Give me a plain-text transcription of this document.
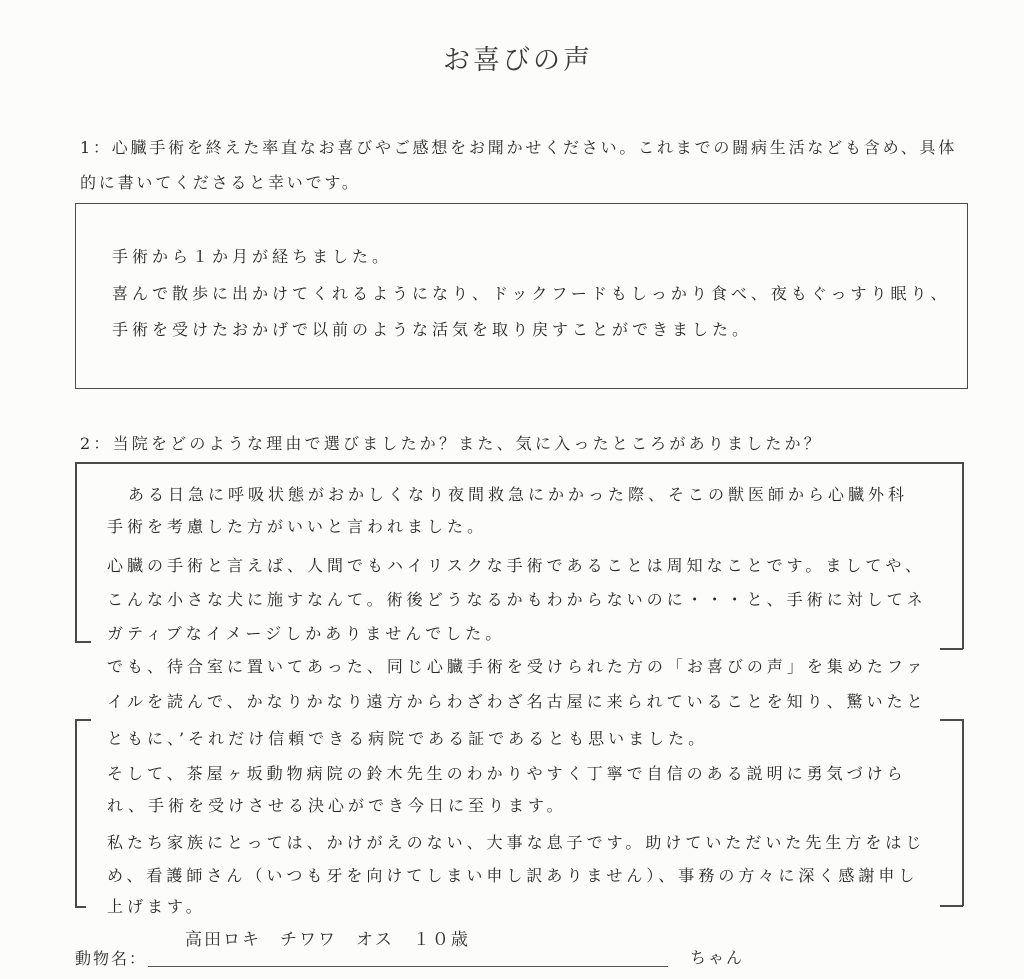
お喜びの声
1：心臓手術を終えた率直なお喜びやご感想をお聞かせください。これまでの闘病生活なども含め、具体
的に書いてくださると幸いです。
手術から１か月が経ちました。
喜んで散歩に出かけてくれるようになり、ドックフードもしっかり食べ、夜もぐっすり眠り、
手術を受けたおかげで以前のような活気を取り戻すことができました。
2：当院をどのような理由で選びましたか？また、気に入ったところがありましたか？
ある日急に呼吸状態がおかしくなり夜間救急にかかった際、そこの獣医師から心臓外科
手術を考慮した方がいいと言われました。
心臓の手術と言えば、人間でもハイリスクな手術であることは周知なことです。ましてや、
こんな小さな犬に施すなんて。術後どうなるかもわからないのに・・・と、手術に対してネ
ガティブなイメージしかありませんでした。
でも、待合室に置いてあった、同じ心臓手術を受けられた方の「お喜びの声」を集めたファ
イルを読んで、かなりかなり遠方からわざわざ名古屋に来られていることを知り、驚いたと
ともに、’それだけ信頼できる病院である証であるとも思いました。
そして、茶屋ヶ坂動物病院の鈴木先生のわかりやすく丁寧で自信のある説明に勇気づけら
れ、手術を受けさせる決心ができ今日に至ります。
私たち家族にとっては、かけがえのない、大事な息子です。助けていただいた先生方をはじ
め、看護師さん（いつも牙を向けてしまい申し訳ありません）、事務の方々に深く感謝申し
上げます。
動物名：
高田ロキ　チワワ　オス　１０歳
ちゃん
